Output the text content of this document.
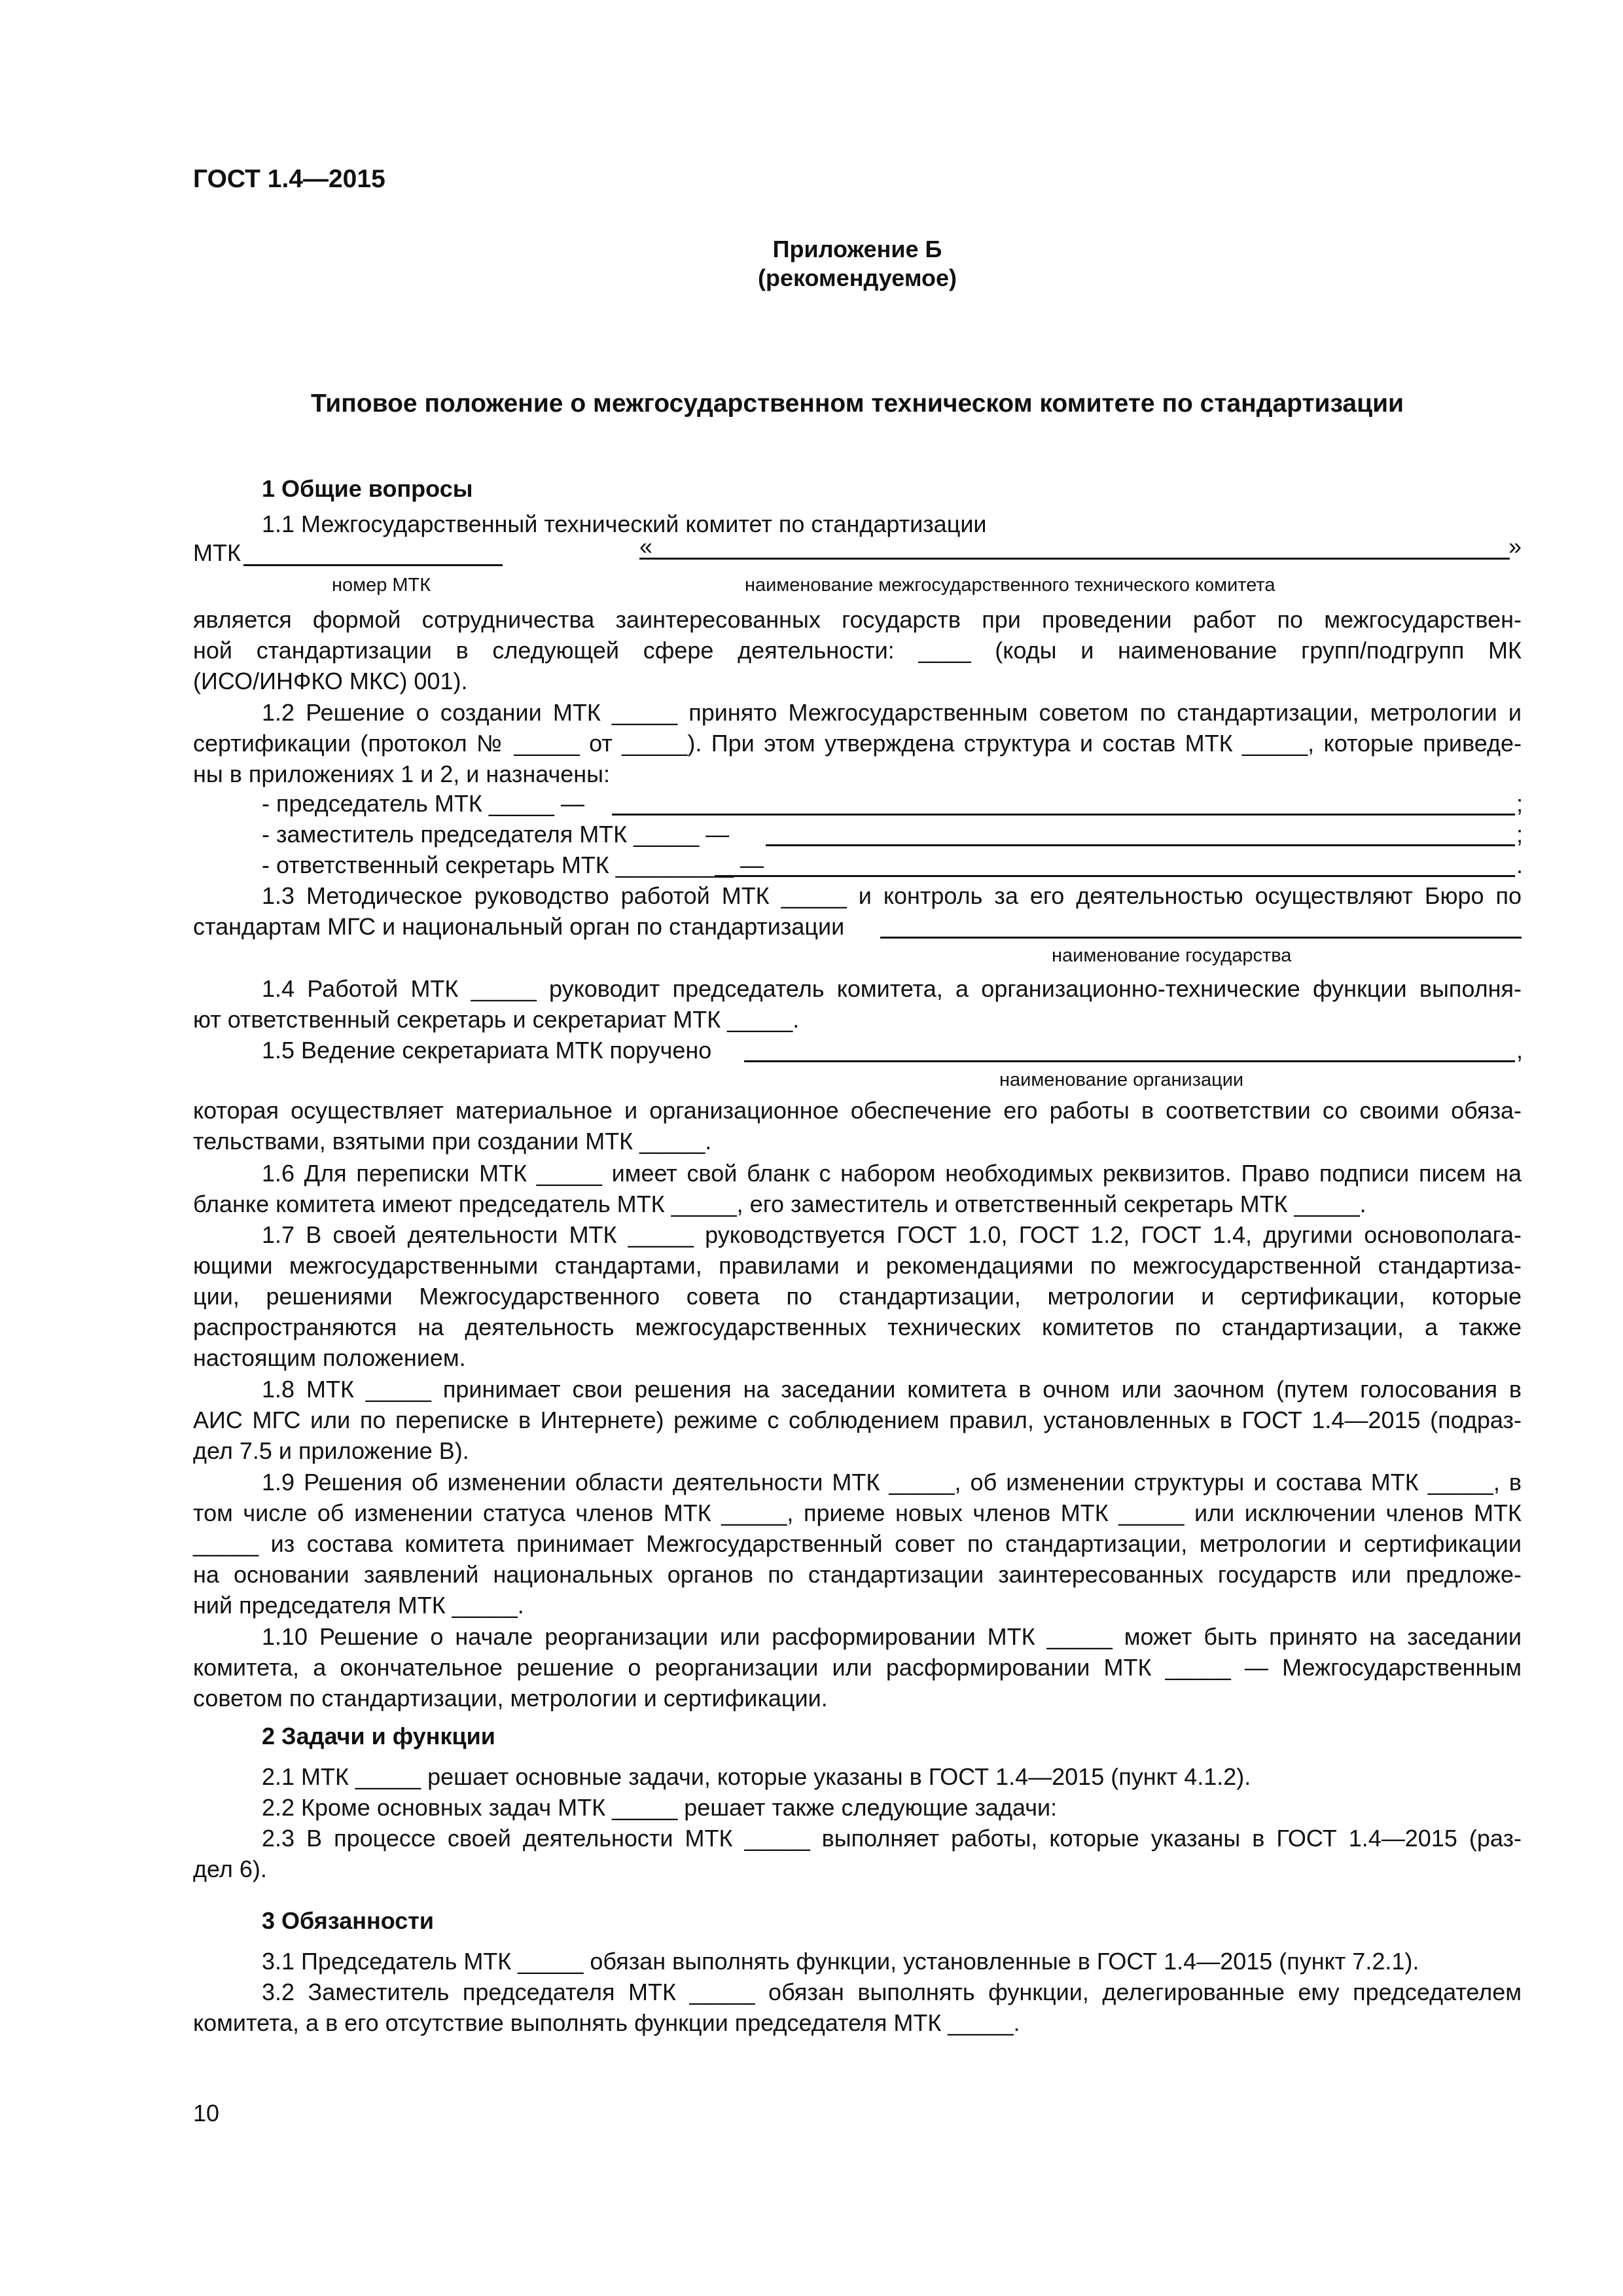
ГОСТ 1.4—2015
Приложение Б
(рекомендуемое)
Типовое положение о межгосударственном техническом комитете по стандартизации
1 Общие вопросы
1.1 Межгосударственный технический комитет по стандартизации
МТК	«	»
номер МТК	наименование межгосударственного технического комитета
является формой сотрудничества заинтересованных государств при проведении работ по межгосударствен-
ной стандартизации в следующей сфере деятельности: ____ (коды и наименование групп/подгрупп МК
(ИСО/ИНФКО МКС) 001).
1.2 Решение о создании МТК _____ принято Межгосударственным советом по стандартизации, метрологии и
сертификации (протокол № _____ от _____). При этом утверждена структура и состав МТК _____, которые приведе-
ны в приложениях 1 и 2, и назначены:
- председатель МТК _____ —	;
- заместитель председателя МТК _____ —	;
- ответственный секретарь МТК _________ —	.
1.3 Методическое руководство работой МТК _____ и контроль за его деятельностью осуществляют Бюро по
стандартам МГС и национальный орган по стандартизации
наименование государства
1.4 Работой МТК _____ руководит председатель комитета, а организационно-технические функции выполня-
ют ответственный секретарь и секретариат МТК _____.
1.5 Ведение секретариата МТК поручено	,
наименование организации
которая осуществляет материальное и организационное обеспечение его работы в соответствии со своими обяза-
тельствами, взятыми при создании МТК _____.
1.6 Для переписки МТК _____ имеет свой бланк с набором необходимых реквизитов. Право подписи писем на
бланке комитета имеют председатель МТК _____, его заместитель и ответственный секретарь МТК _____.
1.7 В своей деятельности МТК _____ руководствуется ГОСТ 1.0, ГОСТ 1.2, ГОСТ 1.4, другими основополага-
ющими межгосударственными стандартами, правилами и рекомендациями по межгосударственной стандартиза-
ции, решениями Межгосударственного совета по стандартизации, метрологии и сертификации, которые
распространяются на деятельность межгосударственных технических комитетов по стандартизации, а также
настоящим положением.
1.8 МТК _____ принимает свои решения на заседании комитета в очном или заочном (путем голосования в
АИС МГС или по переписке в Интернете) режиме с соблюдением правил, установленных в ГОСТ 1.4—2015 (подраз-
дел 7.5 и приложение В).
1.9 Решения об изменении области деятельности МТК _____, об изменении структуры и состава МТК _____, в
том числе об изменении статуса членов МТК _____, приеме новых членов МТК _____ или исключении членов МТК
_____ из состава комитета принимает Межгосударственный совет по стандартизации, метрологии и сертификации
на основании заявлений национальных органов по стандартизации заинтересованных государств или предложе-
ний председателя МТК _____.
1.10 Решение о начале реорганизации или расформировании МТК _____ может быть принято на заседании
комитета, а окончательное решение о реорганизации или расформировании МТК _____ — Межгосударственным
советом по стандартизации, метрологии и сертификации.
2 Задачи и функции
2.1 МТК _____ решает основные задачи, которые указаны в ГОСТ 1.4—2015 (пункт 4.1.2).
2.2 Кроме основных задач МТК _____ решает также следующие задачи:
2.3 В процессе своей деятельности МТК _____ выполняет работы, которые указаны в ГОСТ 1.4—2015 (раз-
дел 6).
3 Обязанности
3.1 Председатель МТК _____ обязан выполнять функции, установленные в ГОСТ 1.4—2015 (пункт 7.2.1).
3.2 Заместитель председателя МТК _____ обязан выполнять функции, делегированные ему председателем
комитета, а в его отсутствие выполнять функции председателя МТК _____.
10
